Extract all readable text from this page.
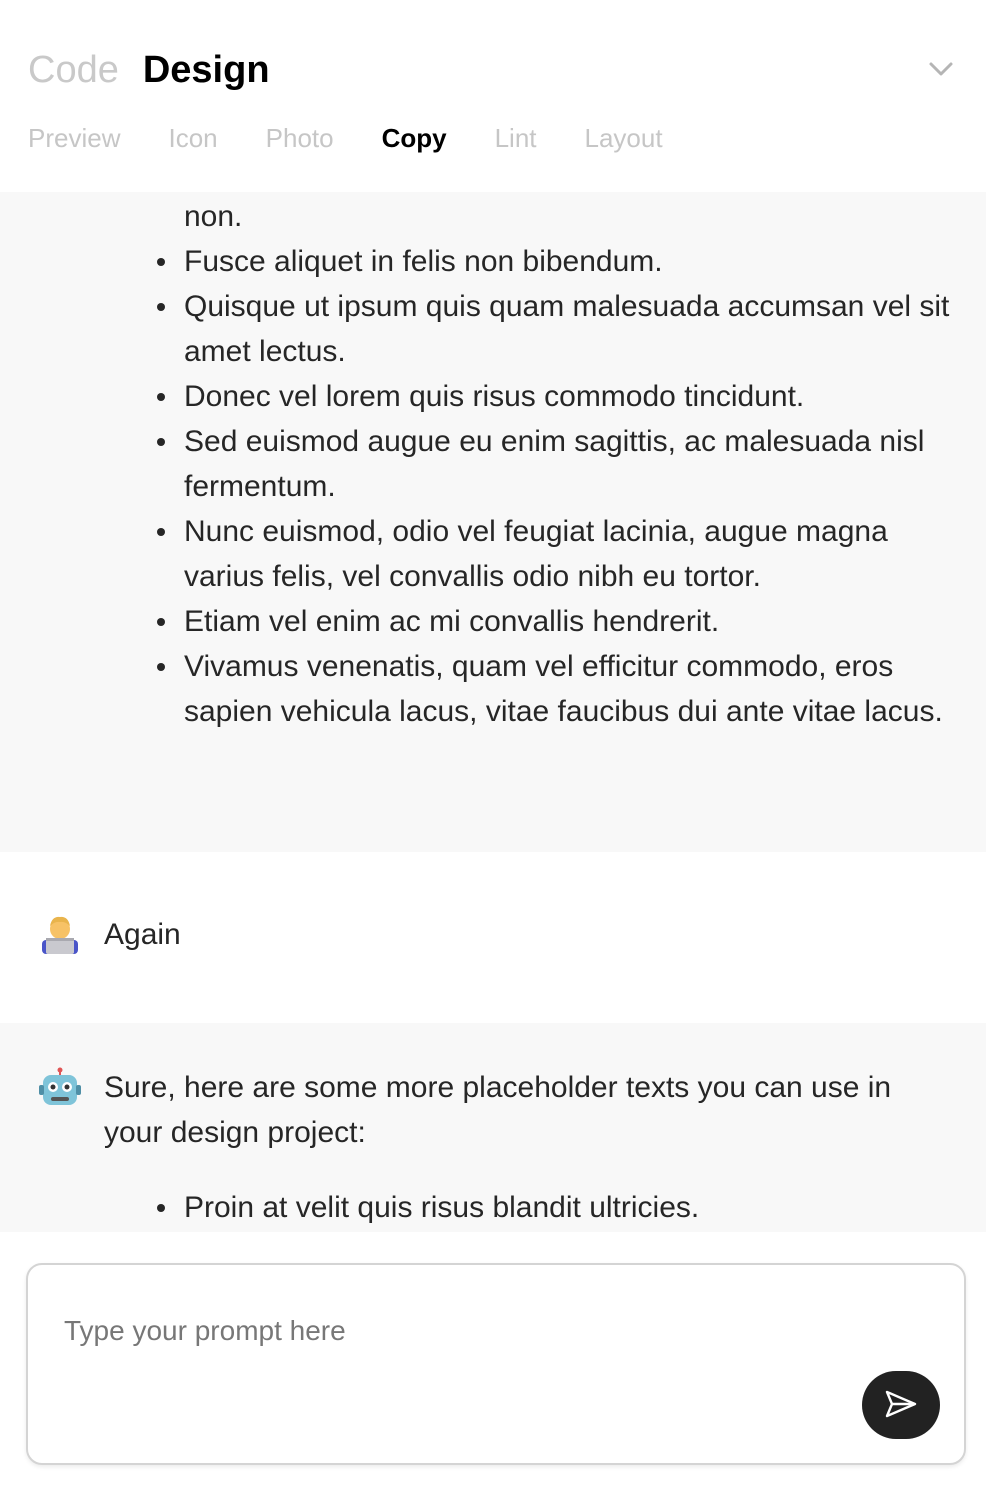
Code Design
Preview Icon Photo Copy Lint Layout
non.
Fusce aliquet in felis non bibendum.
Quisque ut ipsum quis quam malesuada accumsan vel sit amet lectus.
Donec vel lorem quis risus commodo tincidunt.
Sed euismod augue eu enim sagittis, ac malesuada nisl fermentum.
Nunc euismod, odio vel feugiat lacinia, augue magna varius felis, vel convallis odio nibh eu tortor.
Etiam vel enim ac mi convallis hendrerit.
Vivamus venenatis, quam vel efficitur commodo, eros sapien vehicula lacus, vitae faucibus dui ante vitae lacus.
Again
Sure, here are some more placeholder texts you can use in your design project:
Proin at velit quis risus blandit ultricies.
Type your prompt here
